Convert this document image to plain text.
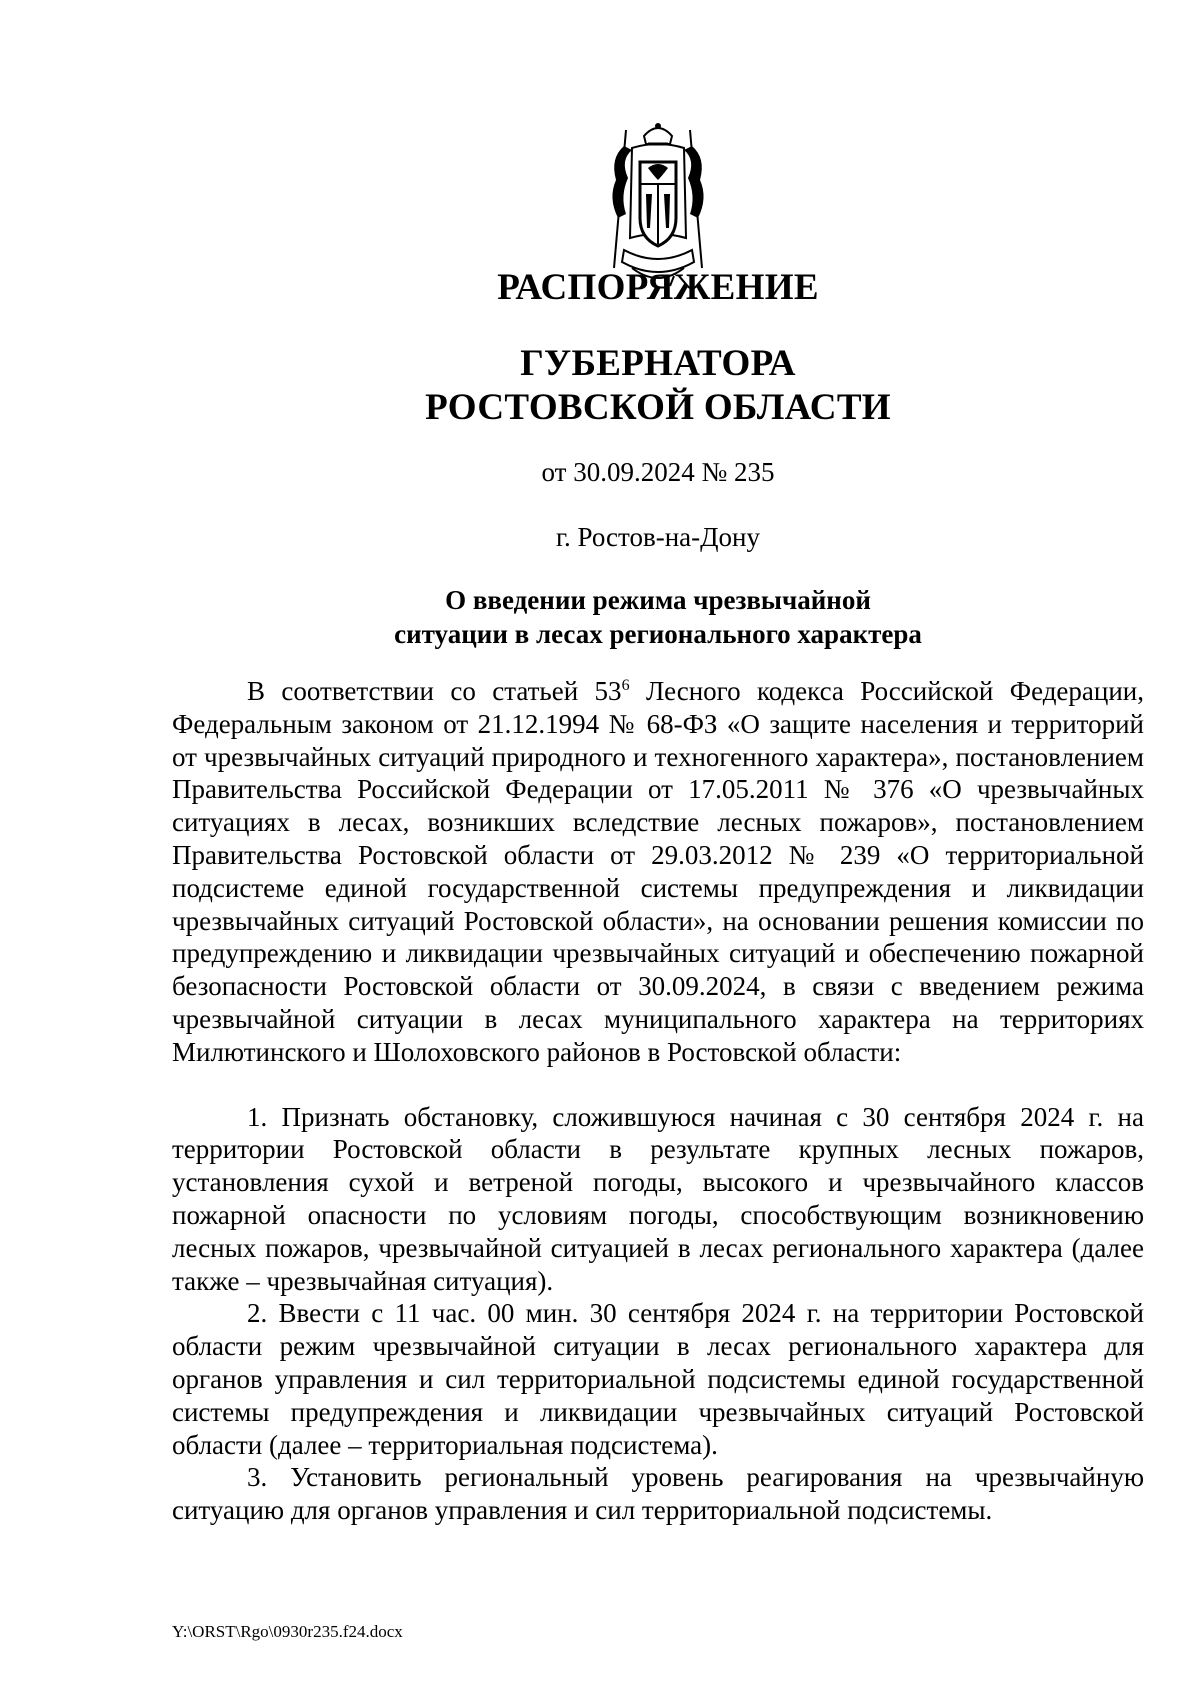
РАСПОРЯЖЕНИЕ
ГУБЕРНАТОРА
РОСТОВСКОЙ ОБЛАСТИ
от 30.09.2024 № 235
г. Ростов-на-Дону
О введении режима чрезвычайной
ситуации в лесах регионального характера

В соответствии со статьей $53^6$ Лесного кодекса Российской Федерации, Федеральным законом от 21.12.1994 № 68-ФЗ «О защите населения и территорий от чрезвычайных ситуаций природного и техногенного характера», постановлением Правительства Российской Федерации от 17.05.2011 № 376 «О чрезвычайных ситуациях в лесах, возникших вследствие лесных пожаров», постановлением Правительства Ростовской области от 29.03.2012 № 239 «О территориальной подсистеме единой государственной системы предупреждения и ликвидации чрезвычайных ситуаций Ростовской области», на основании решения комиссии по предупреждению и ликвидации чрезвычайных ситуаций и обеспечению пожарной безопасности Ростовской области от 30.09.2024, в связи с введением режима чрезвычайной ситуации в лесах муниципального характера на территориях Милютинского и Шолоховского районов в Ростовской области:

1. Признать обстановку, сложившуюся начиная с 30 сентября 2024 г. на территории Ростовской области в результате крупных лесных пожаров, установления сухой и ветреной погоды, высокого и чрезвычайного классов пожарной опасности по условиям погоды, способствующим возникновению лесных пожаров, чрезвычайной ситуацией в лесах регионального характера (далее также – чрезвычайная ситуация).

2. Ввести с 11 час. 00 мин. 30 сентября 2024 г. на территории Ростовской области режим чрезвычайной ситуации в лесах регионального характера для органов управления и сил территориальной подсистемы единой государственной системы предупреждения и ликвидации чрезвычайных ситуаций Ростовской области (далее – территориальная подсистема).

3. Установить региональный уровень реагирования на чрезвычайную ситуацию для органов управления и сил территориальной подсистемы.

Y:\ORST\Rgo\0930r235.f24.docx
